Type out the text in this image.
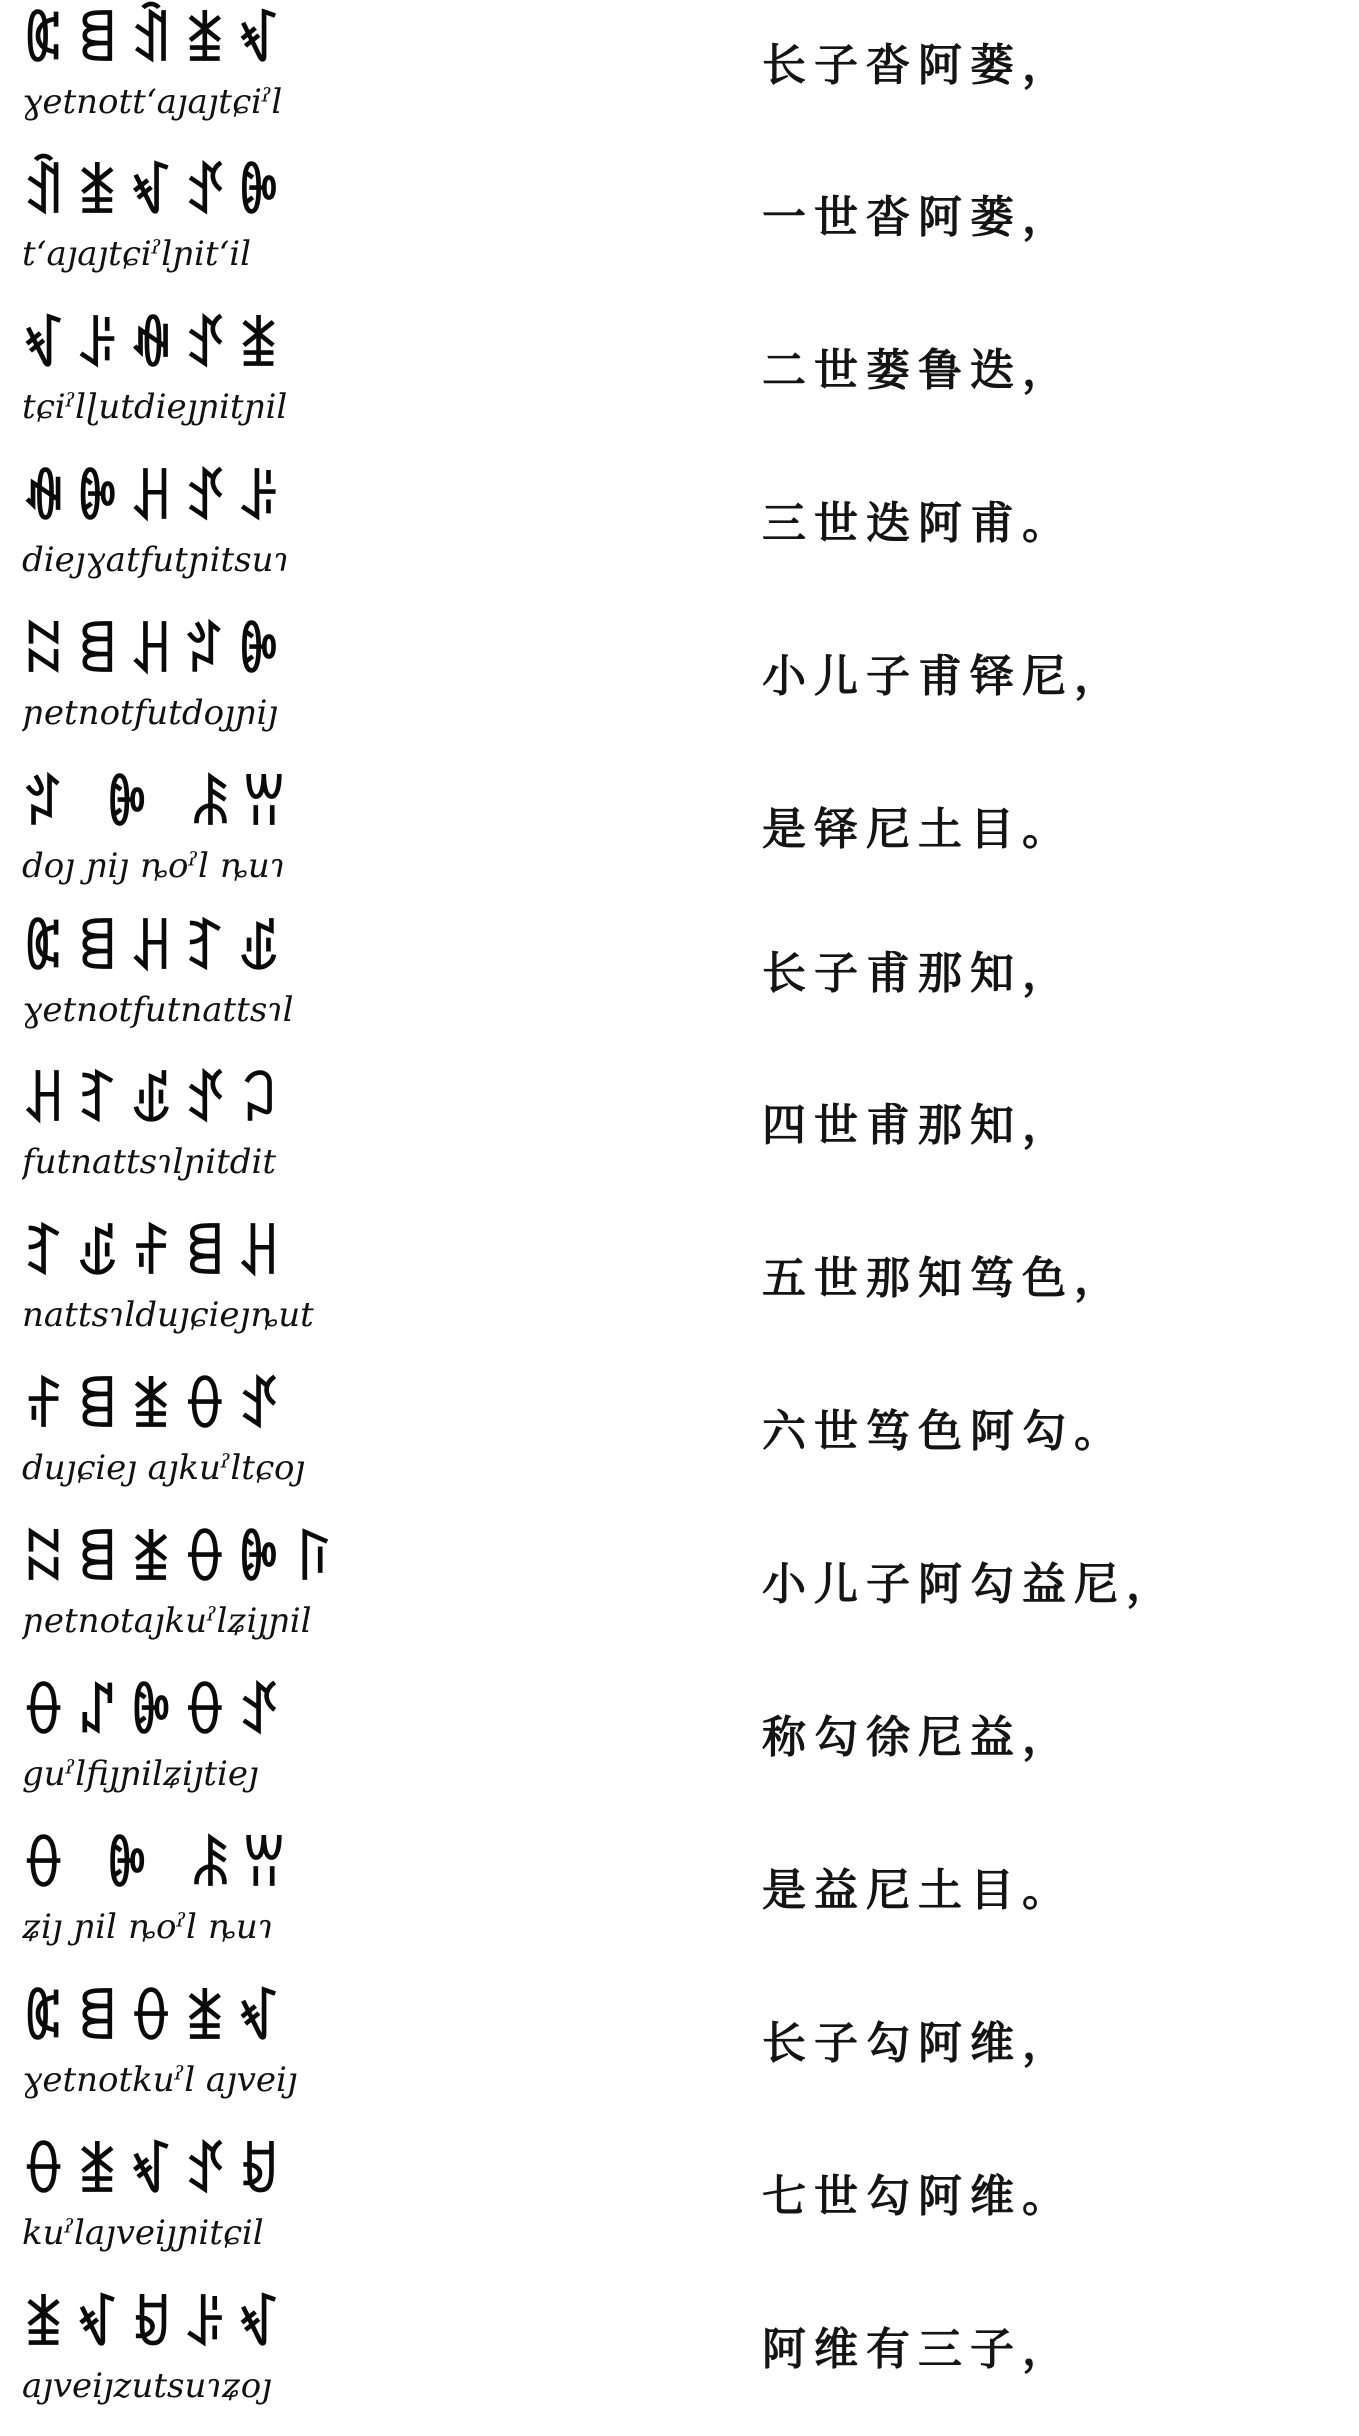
ꀇꁌꀉꁧꃴ
ɣetnottʻaȷaȷtɕiˀl
长子沓阿蒌，
ꀉꁧꃴꀋꐊ
tʻaȷaȷtɕiˀlɲitʻil
一世沓阿蒌，
ꃴꌠꊿꀋꁧ
tɕiˀlɭutdieȷɲitɲil
二世蒌鲁迭，
ꊿꐊꃅꀋꌠ
dieȷɣatfutɲitsuɿ
三世迭阿甫。
ꉆꁌꃅꄂꐊ
ɲetnotfutdoȷɲiȷ
小儿子甫铎尼，
ꄂ ꐊ ꄯꀕ
doȷ ɲiȷ ȵoˀl ȵuɿ
是铎尼土目。
ꀇꁌꃅꆈꍑ
ɣetnotfutnattsɿl
长子甫那知，
ꃅꆈꍑꀋꃀ
futnattsɿlɲitdit
四世甫那知，
ꆈꍑꄙꁌꃅ
nattsɿlduȷɕieȷȵut
五世那知笃色，
ꄙꁌꁧꂷꀋ
duȷɕieȷ aȷkuˀltɕoȷ
六世笃色阿勾。
ꉆꁌꁧꂷꐊꑍ
ɲetnotaȷkuˀlʑiȷɲil
小儿子阿勾益尼，
ꂷꁴꐊꂷꀋ
guˀlfiȷɲilʑiȷtieȷ
称勾徐尼益，
ꂷ ꐊ ꄯꀕ
ʑiȷ ɲil ȵoˀl ȵuɿ
是益尼土目。
ꀇꁌꂷꁧꃴ
ɣetnotkuˀl aȷveiȷ
长子勾阿维，
ꂷꁧꃴꀋꀂ
kuˀlaȷveiȷɲitɕil
七世勾阿维。
ꁧꃴꀂꌠꃴ
aȷveiȷzutsuɿʑoȷ
阿维有三子，
